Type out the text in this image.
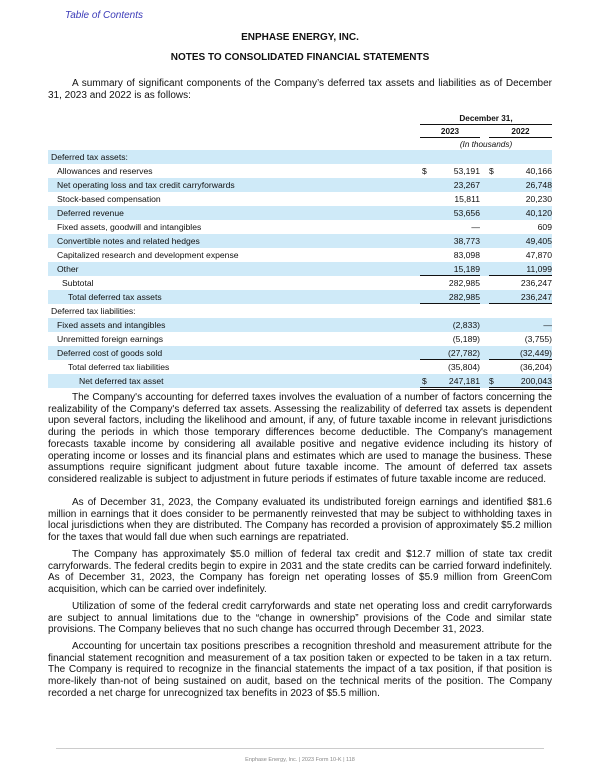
Table of Contents
ENPHASE ENERGY, INC.
NOTES TO CONSOLIDATED FINANCIAL STATEMENTS
A summary of significant components of the Company’s deferred tax assets and liabilities as of December 31, 2023 and 2022 is as follows:
December 31,
2023	2022
(In thousands)
Deferred tax assets:
Allowances and reserves	$	53,191 $	40,166
Net operating loss and tax credit carryforwards	23,267	26,748
Stock-based compensation	15,811	20,230
Deferred revenue	53,656	40,120
Fixed assets, goodwill and intangibles	—	609
Convertible notes and related hedges	38,773	49,405
Capitalized research and development expense	83,098	47,870
Other	15,189	11,099
Subtotal	282,985	236,247
Total deferred tax assets	282,985	236,247
Deferred tax liabilities:
Fixed assets and intangibles	(2,833)	—
Unremitted foreign earnings	(5,189)	(3,755)
Deferred cost of goods sold	(27,782)	(32,449)
Total deferred tax liabilities	(35,804)	(36,204)
Net deferred tax asset	$	247,181 $	200,043
The Company's accounting for deferred taxes involves the evaluation of a number of factors concerning the realizability of the Company's deferred tax assets. Assessing the realizability of deferred tax assets is dependent upon several factors, including the likelihood and amount, if any, of future taxable income in relevant jurisdictions during the periods in which those temporary differences become deductible. The Company's management forecasts taxable income by considering all available positive and negative evidence including its history of operating income or losses and its financial plans and estimates which are used to manage the business. These assumptions require significant judgment about future taxable income. The amount of deferred tax assets considered realizable is subject to adjustment in future periods if estimates of future taxable income are reduced.
As of December 31, 2023, the Company evaluated its undistributed foreign earnings and identified $81.6 million in earnings that it does consider to be permanently reinvested that may be subject to withholding taxes in local jurisdictions when they are distributed. The Company has recorded a provision of approximately $5.2 million for the taxes that would fall due when such earnings are repatriated.
The Company has approximately $5.0 million of federal tax credit and $12.7 million of state tax credit carryforwards. The federal credits begin to expire in 2031 and the state credits can be carried forward indefinitely. As of December 31, 2023, the Company has foreign net operating losses of $5.9 million from GreenCom acquisition, which can be carried over indefinitely.
Utilization of some of the federal credit carryforwards and state net operating loss and credit carryforwards are subject to annual limitations due to the “change in ownership” provisions of the Code and similar state provisions. The Company believes that no such change has occurred through December 31, 2023.
Accounting for uncertain tax positions prescribes a recognition threshold and measurement attribute for the financial statement recognition and measurement of a tax position taken or expected to be taken in a tax return. The Company is required to recognize in the financial statements the impact of a tax position, if that position is more-likely than-not of being sustained on audit, based on the technical merits of the position. The Company recorded a net charge for unrecognized tax benefits in 2023 of $5.5 million.
Enphase Energy, Inc. | 2023 Form 10-K | 118
